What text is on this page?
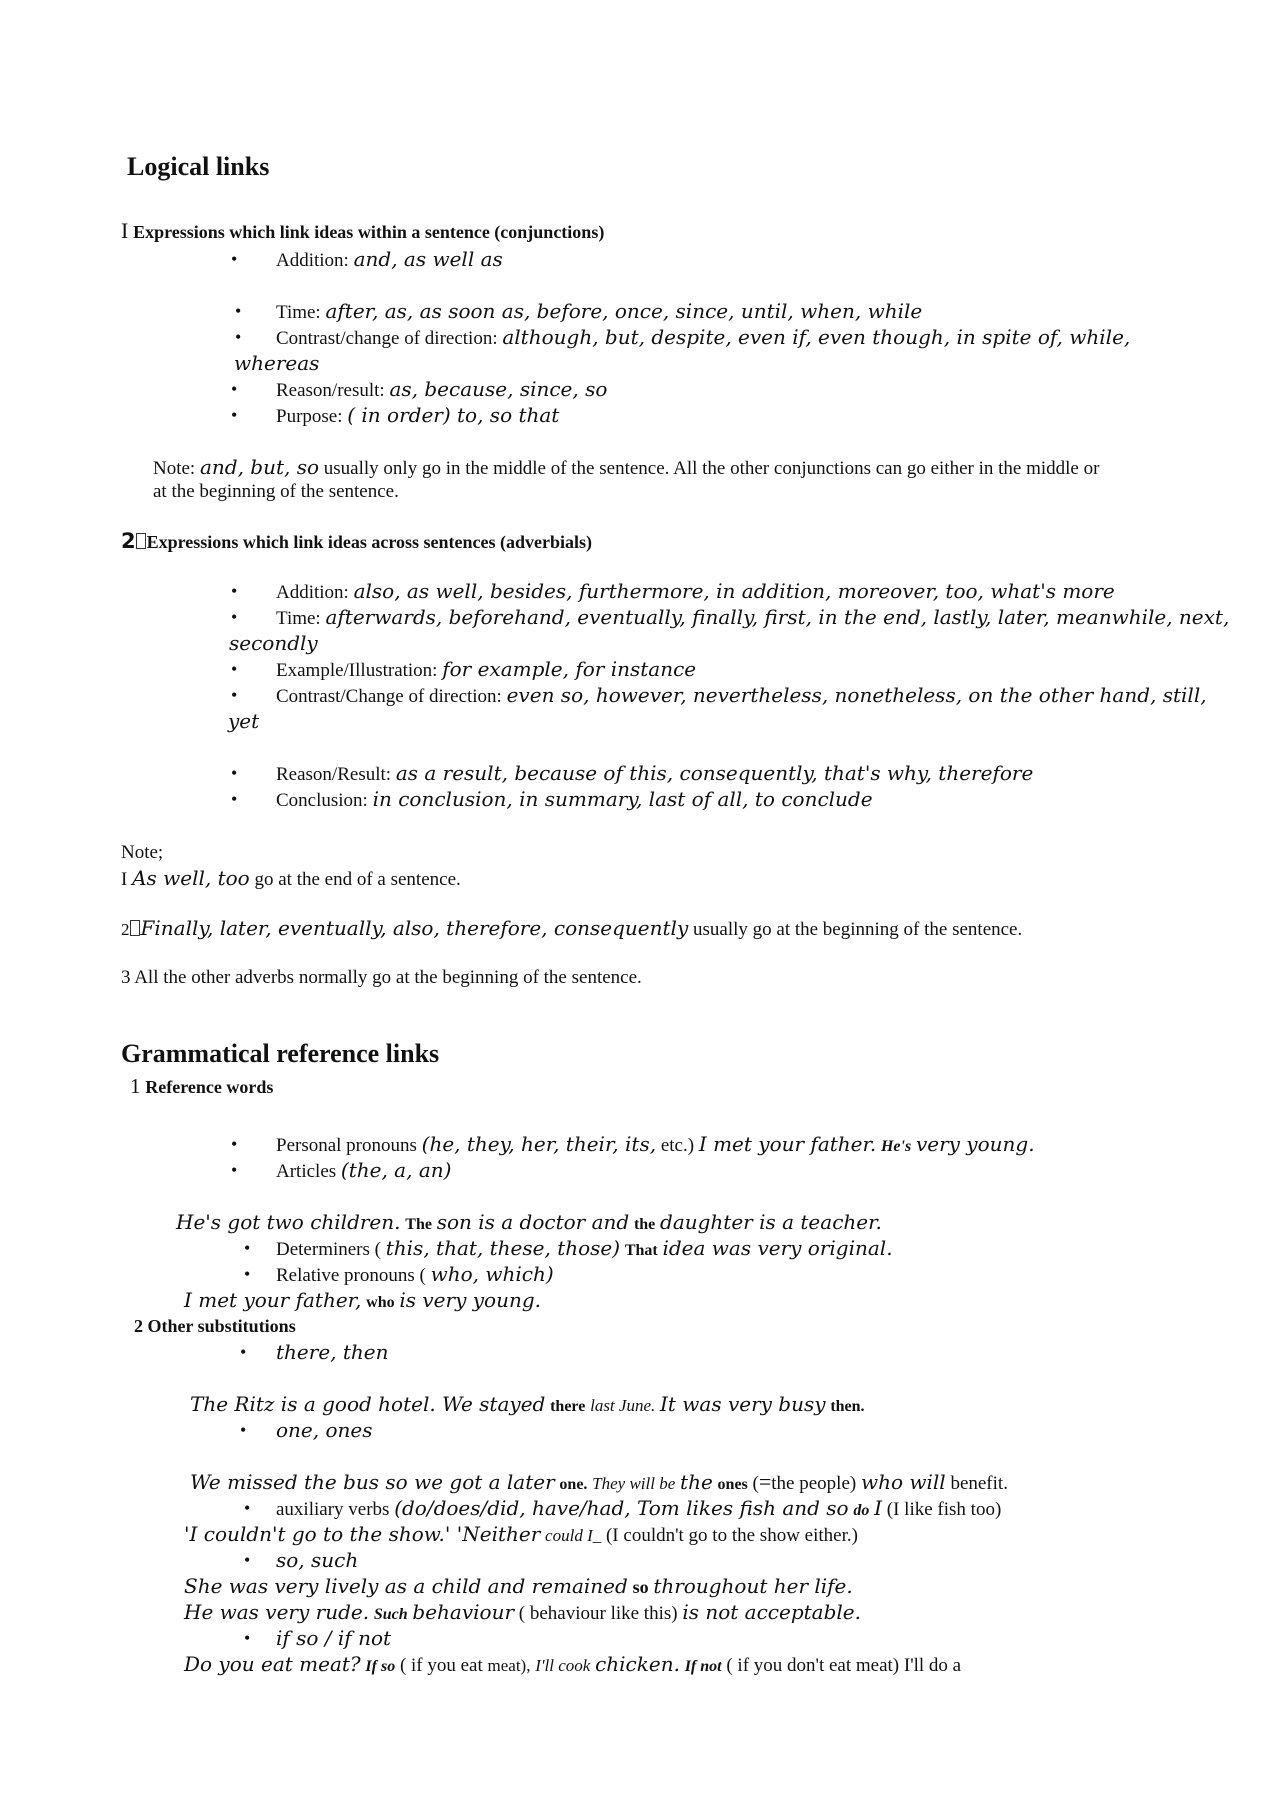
Logical links
I Expressions which link ideas within a sentence (conjunctions)
•
Addition: and, as well as
•
Time: after, as, as soon as, before, once, since, until, when, while
•
Contrast/change of direction: although, but, despite, even if, even though, in spite of, while,
whereas
•
Reason/result: as, because, since, so
•
Purpose: ( in order) to, so that
Note: and, but, so usually only go in the middle of the sentence. All the other conjunctions can go either in the middle or
at the beginning of the sentence.
2 Expressions which link ideas across sentences (adverbials)
•
Addition: also, as well, besides, furthermore, in addition, moreover, too, what's more
•
Time: afterwards, beforehand, eventually, finally, first, in the end, lastly, later, meanwhile, next,
secondly
•
Example/Illustration: for example, for instance
•
Contrast/Change of direction: even so, however, nevertheless, nonetheless, on the other hand, still,
yet
•
Reason/Result: as a result, because of this, consequently, that's why, therefore
•
Conclusion: in conclusion, in summary, last of all, to conclude
Note;
I As well, too go at the end of a sentence.
2 Finally, later, eventually, also, therefore, consequently usually go at the beginning of the sentence.
3 All the other adverbs normally go at the beginning of the sentence.
Grammatical reference links
1 Reference words
•
Personal pronouns (he, they, her, their, its, etc.) I met your father. He's very young.
•
Articles (the, a, an)
He's got two children. The son is a doctor and the daughter is a teacher.
•
Determiners ( this, that, these, those) That idea was very original.
•
Relative pronouns ( who, which)
I met your father, who is very young.
2 Other substitutions
•
there, then
The Ritz is a good hotel. We stayed there last June. It was very busy then.
•
one, ones
We missed the bus so we got a later one. They will be the ones (=the people) who will benefit.
•
auxiliary verbs (do/does/did, have/had, Tom likes fish and so do I (I like fish too)
'I couldn't go to the show.' 'Neither could I_ (I couldn't go to the show either.)
•
so, such
She was very lively as a child and remained so throughout her life.
He was very rude. Such behaviour ( behaviour like this) is not acceptable.
•
if so / if not
Do you eat meat? If so ( if you eat meat), I'll cook chicken. If not ( if you don't eat meat) I'll do a
